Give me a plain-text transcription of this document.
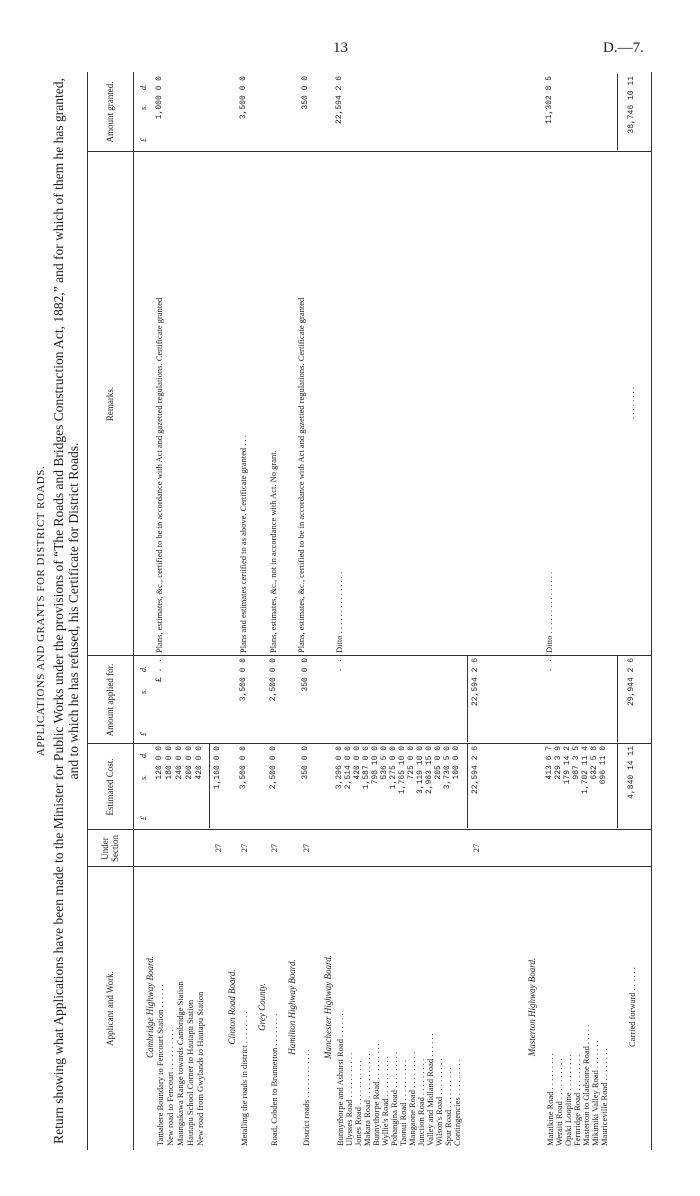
13	D.—7.
APPLICATIONS AND GRANTS FOR DISTRICT ROADS. Return showing what Applications have been made to the Minister for Public Works under the provisions of “The Roads and Bridges Construction Act, 1882,” and for which of them he has granted, and to which he has refused, his Certificate for District Roads.
Applicant and Work.
Under Section
Estimated Cost.
Amount applied for.
Remarks.
Amount granted.
£
s.
d.
£
s.
d.
£
s.
d.
Cambridge Highway Board. Tamahere Boundary to Fencourt Station . . . . . .
120 0 0
New road to Fencourt . . . . . . . . . .
180 0 0
Maungakawa Range towards Cambridge Station
240 0 0
Hautapu School Corner to Hautapu Station
200 0 0
New road from Gwylands to Hautapu Station
420 0 0
£ . .
Plans, estimates, &c., certified to be in accordance with Act and gazetted regulations. Certificate granted
1,000 0 0
27
1,160 0 0
Clinton Road Board.
Metalling the roads in district . . . . . . . .
27
3,500 0 0
3,500 0 0
Plans and estimates certified to as above. Certificate granted . . .
3,500 0 0
Grey County.
Road, Cobden to Brunnerton . . . . . . . .
27
2,500 0 0
2,500 0 0
Plans, estimates, &c., not in accordance with Act. No grant.
Hamilton Highway Board.
District roads . . . . . . . . . . . .
27
350 0 0
350 0 0
Plans, estimates, &c., certified to be in accordance with Act and gazetted regulations. Certificate granted
350 0 0
Manchester Highway Board.
Bunnythorpe and Ashurst Road . . . . . .
3,296 0 0
Ulysses Road . . . . . . . . . . .
2,514 0 0
Jones Road . . . . . . . . . . .
420 0 0
Makara Road . . . . . . . . . . .
1,587 0 6
Bunnythorpe Road . . . . . . . . .
798 10 0
Wyllie's Road . . . . . . . . . .
536 5 0
Pohangina Road . . . . . . . . .
1,275 0 0
Taonui Road . . . . . . . . . .
1,765 10 0
Mangaone Road . . . . . . . . .
725 0 0
Junction Road . . . . . . . . .
3,119 10 0
Valley and Midland Road . . . . . .
2,983 15 0
Wilson's Road . . . . . . . . .
205 0 0
Spur Road . . . . . . . . . .
3,730 5 0
Contingencies . . . . . . . . .
100 0 0
. .
Ditto . . . . . . . . . . . . . . .
22,594 2 6
27
22,594 2 6
22,594 2 6
Masterton Highway Board.
Mataikine Road . . . . . . . . .
413 6 7
Weraiti Road . . . . . . . . . .
229 3 9
Opaki Loopline . . . . . . . . .
179 14 2
Fernridge Road . . . . . . . . .
987 3 5
Masterton to Gladstone Road . . . . .
1,702 11 4
Mikimiki Valley Road . . . . . . .
632 5 8
Mauriceville Road . . . . . . . .
696 11 0
. .
Ditto . . . . . . . . . . . . . . .
11,302 8 5
Carried forward . . . . . .
4,840 14 11
29,944 2 6
. . . . . . . .
38,746 10 11
